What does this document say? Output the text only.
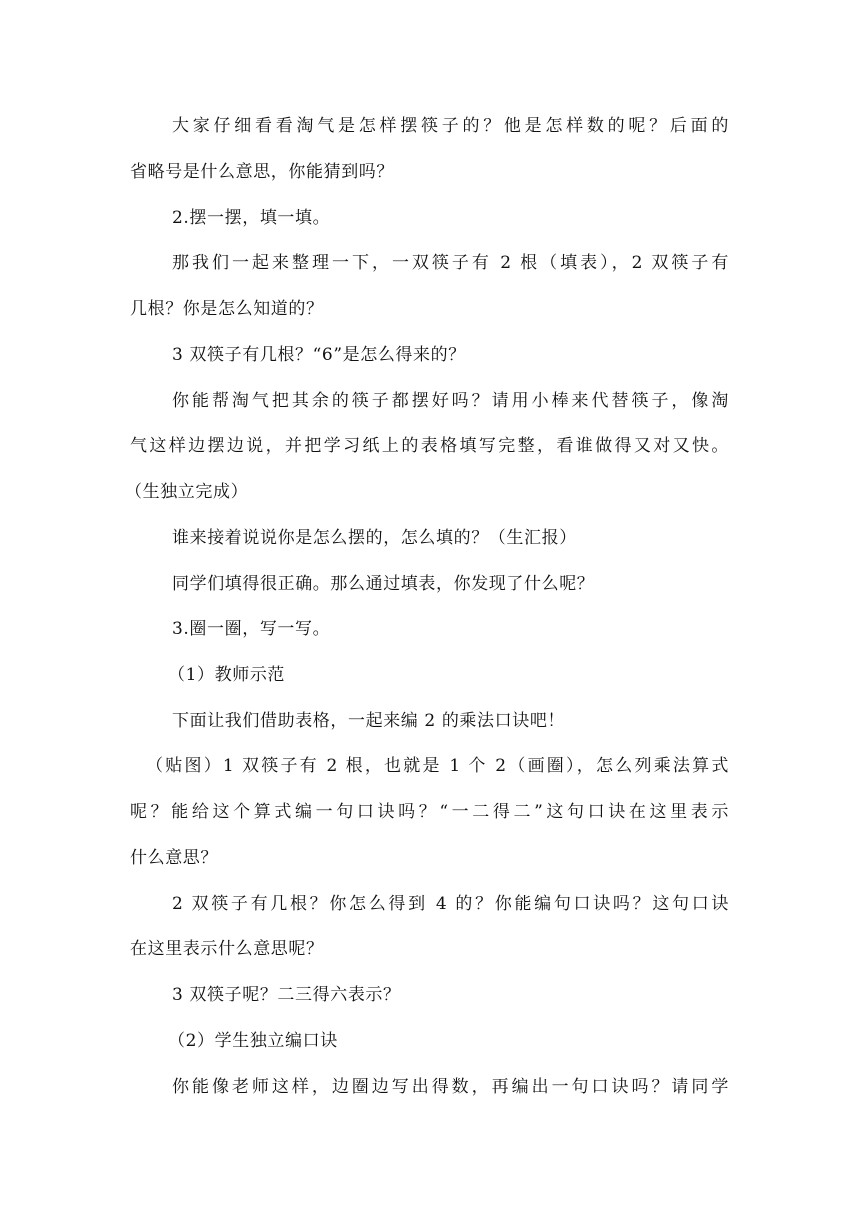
大家仔细看看淘气是怎样摆筷子的？他是怎样数的呢？后面的
省略号是什么意思，你能猜到吗？
2.摆一摆，填一填。
那我们一起来整理一下，一双筷子有 2 根（填表），2 双筷子有
几根？你是怎么知道的？
3 双筷子有几根？“6”是怎么得来的？
你能帮淘气把其余的筷子都摆好吗？请用小棒来代替筷子，像淘
气这样边摆边说，并把学习纸上的表格填写完整，看谁做得又对又快。
（生独立完成）
谁来接着说说你是怎么摆的，怎么填的？（生汇报）
同学们填得很正确。那么通过填表，你发现了什么呢？
3.圈一圈，写一写。
（1）教师示范
下面让我们借助表格，一起来编 2 的乘法口诀吧！
（贴图）1 双筷子有 2 根，也就是 1 个 2（画圈），怎么列乘法算式
呢？能给这个算式编一句口诀吗？“一二得二”这句口诀在这里表示
什么意思？
2 双筷子有几根？你怎么得到 4 的？你能编句口诀吗？这句口诀
在这里表示什么意思呢？
3 双筷子呢？二三得六表示？
（2）学生独立编口诀
你能像老师这样，边圈边写出得数，再编出一句口诀吗？请同学
